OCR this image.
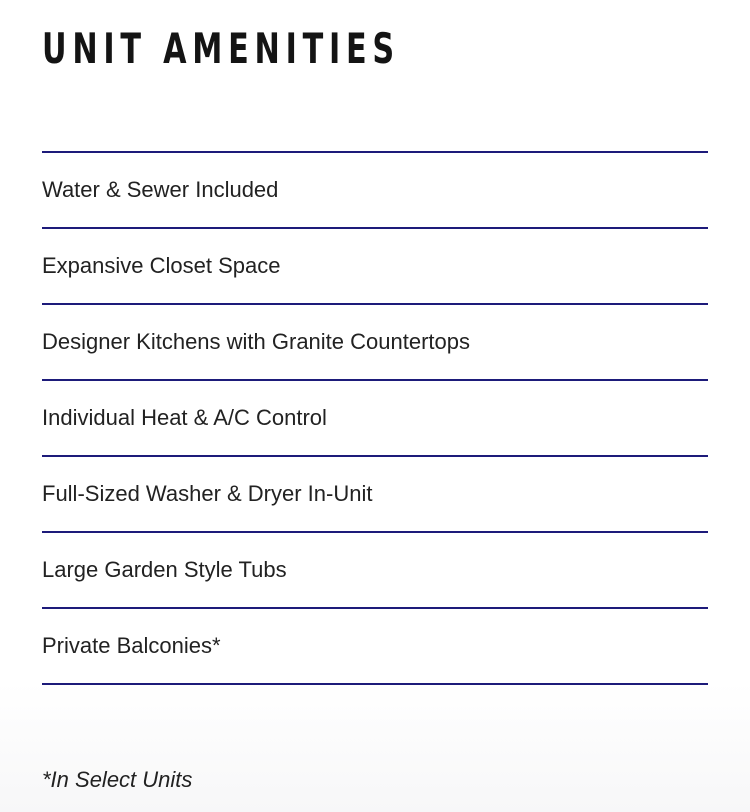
UNIT AMENITIES
Water & Sewer Included
Expansive Closet Space
Designer Kitchens with Granite Countertops
Individual Heat & A/C Control
Full-Sized Washer & Dryer In-Unit
Large Garden Style Tubs
Private Balconies*

*In Select Units
